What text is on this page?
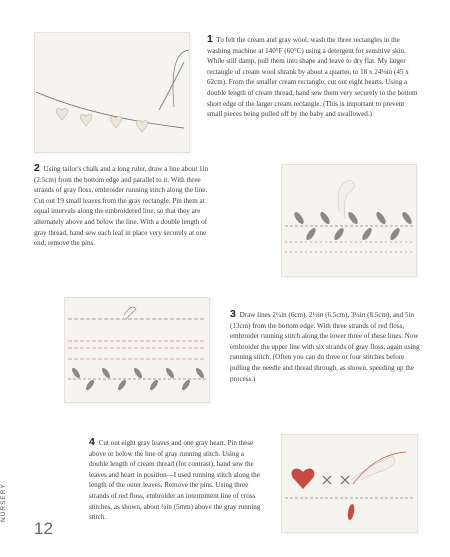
1 To felt the cream and gray wool, wash the three rectangles in the washing machine at 140°F (60°C) using a detergent for sensitive skin. While still damp, pull them into shape and leave to dry flat. My larger rectangle of cream wool shrank by about a quarter, to 18 x 24⅛in (45 x 62cm). From the smaller cream rectangle, cut out eight hearts. Using a double length of cream thread, hand sew them very securely to the bottom short edge of the larger cream rectangle. (This is important to prevent small pieces being pulled off by the baby and swallowed.)
2 Using tailor's chalk and a long ruler, draw a line about 1in (2.5cm) from the bottom edge and parallel to it. With three strands of gray floss, embroider running stitch along the line. Cut out 19 small leaves from the gray rectangle. Pin them at equal intervals along the embroidered line, so that they are alternately above and below the line. With a double length of gray thread, hand sew each leaf in place very securely at one end; remove the pins.
3 Draw lines 2¼in (6cm), 2½in (6.5cm), 3¼in (8.5cm), and 5in (13cm) from the bottom edge. With three strands of red floss, embroider running stitch along the lower three of these lines. Now embroider the upper line with six strands of gray floss, again using running stitch. (Often you can do three or four stitches before pulling the needle and thread through, as shown, speeding up the process.)
4 Cut out eight gray leaves and one gray heart. Pin these above or below the line of gray running stitch. Using a double length of cream thread (for contrast), hand sew the leaves and heart in position—I used running stitch along the length of the outer leaves. Remove the pins. Using three strands of red floss, embroider an intermittent line of cross stitches, as shown, about ¼in (5mm) above the gray running stitch.
NURSERY
12
